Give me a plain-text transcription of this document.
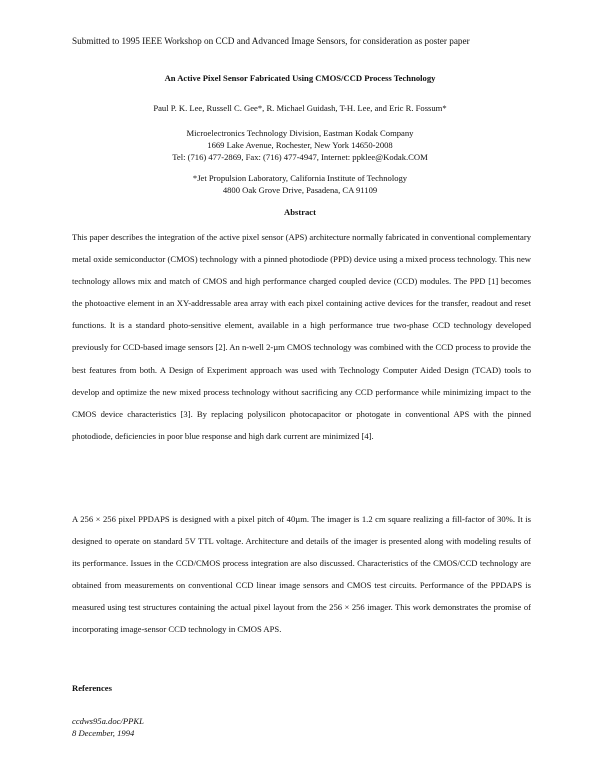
Submitted to 1995 IEEE Workshop on CCD and Advanced Image Sensors, for consideration as poster paper
An Active Pixel Sensor Fabricated Using CMOS/CCD Process Technology
Paul P. K. Lee, Russell C. Gee*, R. Michael Guidash, T-H. Lee, and Eric R. Fossum*
Microelectronics Technology Division, Eastman Kodak Company
1669 Lake Avenue, Rochester, New York 14650-2008
Tel: (716) 477-2869, Fax: (716) 477-4947, Internet: ppklee@Kodak.COM
*Jet Propulsion Laboratory, California Institute of Technology
4800 Oak Grove Drive, Pasadena, CA 91109
Abstract

This paper describes the integration of the active pixel sensor (APS) architecture normally fabricated in conventional complementary metal oxide semiconductor (CMOS) technology with a pinned photodiode (PPD) device using a mixed process technology. This new technology allows mix and match of CMOS and high performance charged coupled device (CCD) modules. The PPD [1] becomes the photoactive element in an XY-addressable area array with each pixel containing active devices for the transfer, readout and reset functions. It is a standard photo-sensitive element, available in a high performance true two-phase CCD technology developed previously for CCD-based image sensors [2]. An n-well 2-µm CMOS technology was combined with the CCD process to provide the best features from both. A Design of Experiment approach was used with Technology Computer Aided Design (TCAD) tools to develop and optimize the new mixed process technology without sacrificing any CCD performance while minimizing impact to the CMOS device characteristics [3]. By replacing polysilicon photocapacitor or photogate in conventional APS with the pinned photodiode, deficiencies in poor blue response and high dark current are minimized [4].

A 256 × 256 pixel PPDAPS is designed with a pixel pitch of 40µm. The imager is 1.2 cm square realizing a fill-factor of 30%. It is designed to operate on standard 5V TTL voltage. Architecture and details of the imager is presented along with modeling results of its performance. Issues in the CCD/CMOS process integration are also discussed. Characteristics of the CMOS/CCD technology are obtained from measurements on conventional CCD linear image sensors and CMOS test circuits. Performance of the PPDAPS is measured using test structures containing the actual pixel layout from the 256 × 256 imager. This work demonstrates the promise of incorporating image-sensor CCD technology in CMOS APS.

References
ccdws95a.doc/PPKL
8 December, 1994
